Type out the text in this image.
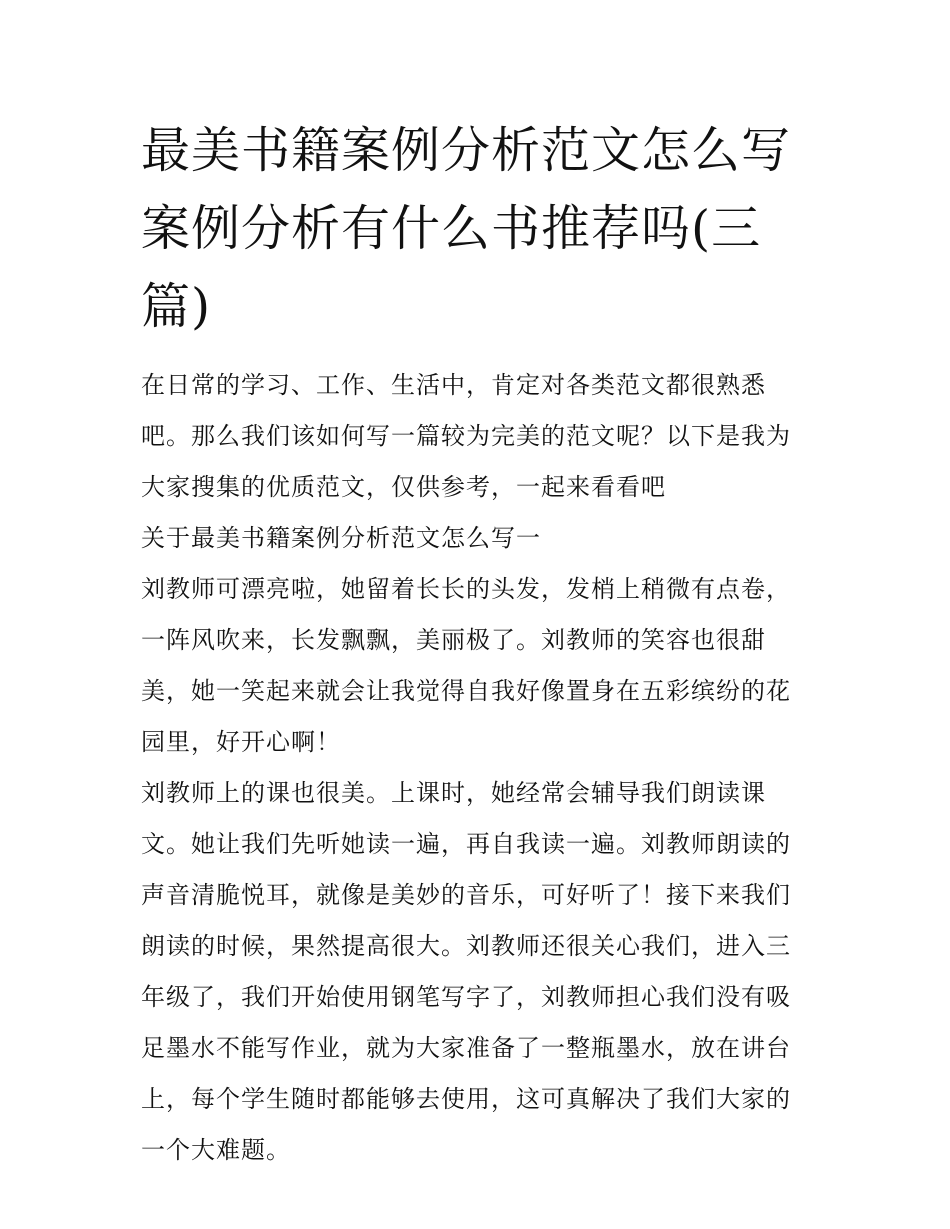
最美书籍案例分析范文怎么写
案例分析有什么书推荐吗(三
篇)

在日常的学习、工作、生活中，肯定对各类范文都很熟悉吧。那么我们该如何写一篇较为完美的范文呢？以下是我为大家搜集的优质范文，仅供参考，一起来看看吧

关于最美书籍案例分析范文怎么写一

刘教师可漂亮啦，她留着长长的头发，发梢上稍微有点卷，一阵风吹来，长发飘飘，美丽极了。刘教师的笑容也很甜美，她一笑起来就会让我觉得自我好像置身在五彩缤纷的花园里，好开心啊！

刘教师上的课也很美。上课时，她经常会辅导我们朗读课文。她让我们先听她读一遍，再自我读一遍。刘教师朗读的声音清脆悦耳，就像是美妙的音乐，可好听了！接下来我们朗读的时候，果然提高很大。刘教师还很关心我们，进入三年级了，我们开始使用钢笔写字了，刘教师担心我们没有吸足墨水不能写作业，就为大家准备了一整瓶墨水，放在讲台上，每个学生随时都能够去使用，这可真解决了我们大家的一个大难题。
